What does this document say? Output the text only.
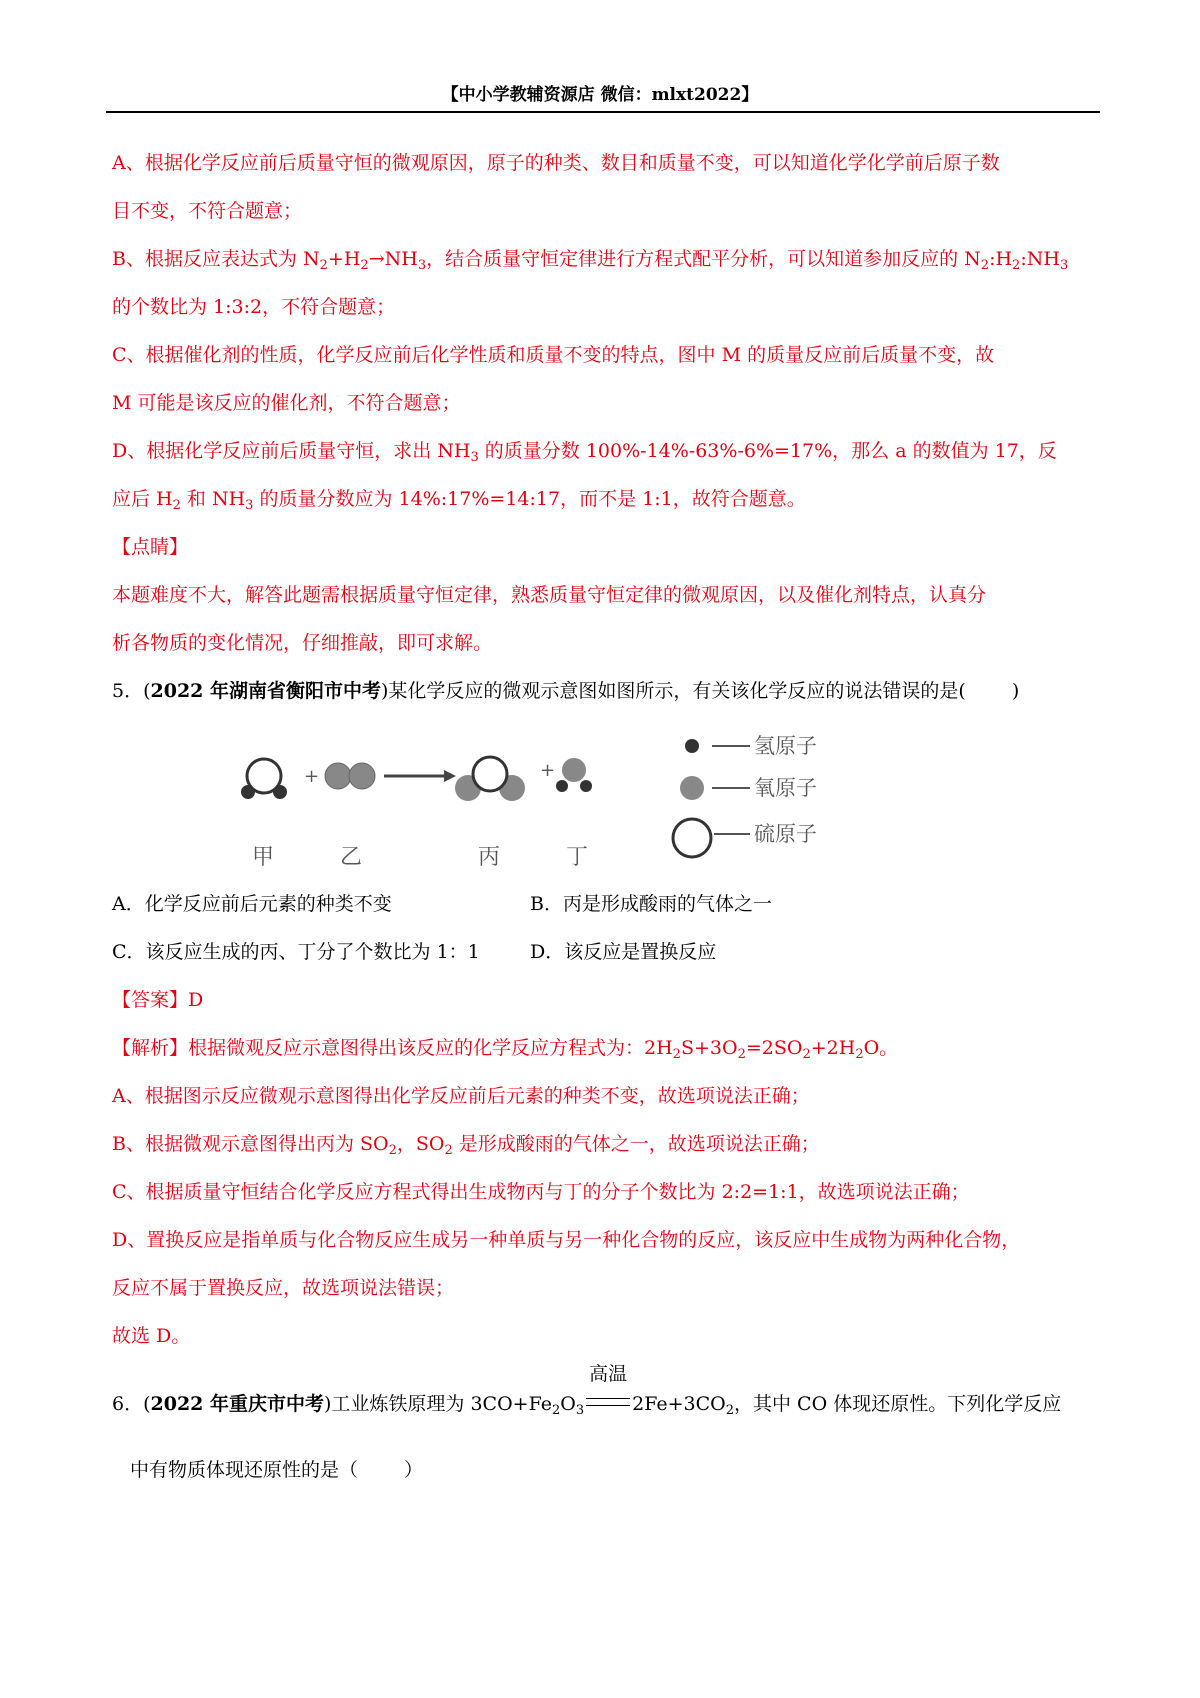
【中小学教辅资源店 微信：mlxt2022】
A、根据化学反应前后质量守恒的微观原因，原子的种类、数目和质量不变，可以知道化学化学前后原子数
目不变，不符合题意；
B、根据反应表达式为 $N_2+H_2\to NH_3$，结合质量守恒定律进行方程式配平分析，可以知道参加反应的 $N_2:H_2:NH_3$
的个数比为 1:3:2，不符合题意；
C、根据催化剂的性质，化学反应前后化学性质和质量不变的特点，图中 M 的质量反应前后质量不变，故
M 可能是该反应的催化剂，不符合题意；
D、根据化学反应前后质量守恒，求出 $NH_3$ 的质量分数 100%-14%-63%-6%=17%，那么 a 的数值为 17，反
应后 $H_2$ 和 $NH_3$ 的质量分数应为 14%:17%=14:17，而不是 1:1，故符合题意。
【点睛】
本题难度不大，解答此题需根据质量守恒定律，熟悉质量守恒定律的微观原因，以及催化剂特点，认真分
析各物质的变化情况，仔细推敲，即可求解。
5．(2022 年湖南省衡阳市中考)某化学反应的微观示意图如图所示，有关该化学反应的说法错误的是( )
+	+
甲	乙	丙	丁
氢原子
氧原子
硫原子
A．化学反应前后元素的种类不变	B．丙是形成酸雨的气体之一
C．该反应生成的丙、丁分了个数比为 1：1	D．该反应是置换反应
【答案】D
【解析】根据微观反应示意图得出该反应的化学反应方程式为：$2H_2S+3O_2=2SO_2+2H_2O$。
A、根据图示反应微观示意图得出化学反应前后元素的种类不变，故选项说法正确；
B、根据微观示意图得出丙为 $SO_2$，$SO_2$ 是形成酸雨的气体之一，故选项说法正确；
C、根据质量守恒结合化学反应方程式得出生成物丙与丁的分子个数比为 2:2=1:1，故选项说法正确；
D、置换反应是指单质与化合物反应生成另一种单质与另一种化合物的反应，该反应中生成物为两种化合物，
反应不属于置换反应，故选项说法错误；
故选 D。
6．(2022 年重庆市中考)工业炼铁原理为 $3CO+Fe_2O_3$
高温
$2Fe+3CO_2$，其中 CO 体现还原性。下列化学反应
中有物质体现还原性的是（ ）
